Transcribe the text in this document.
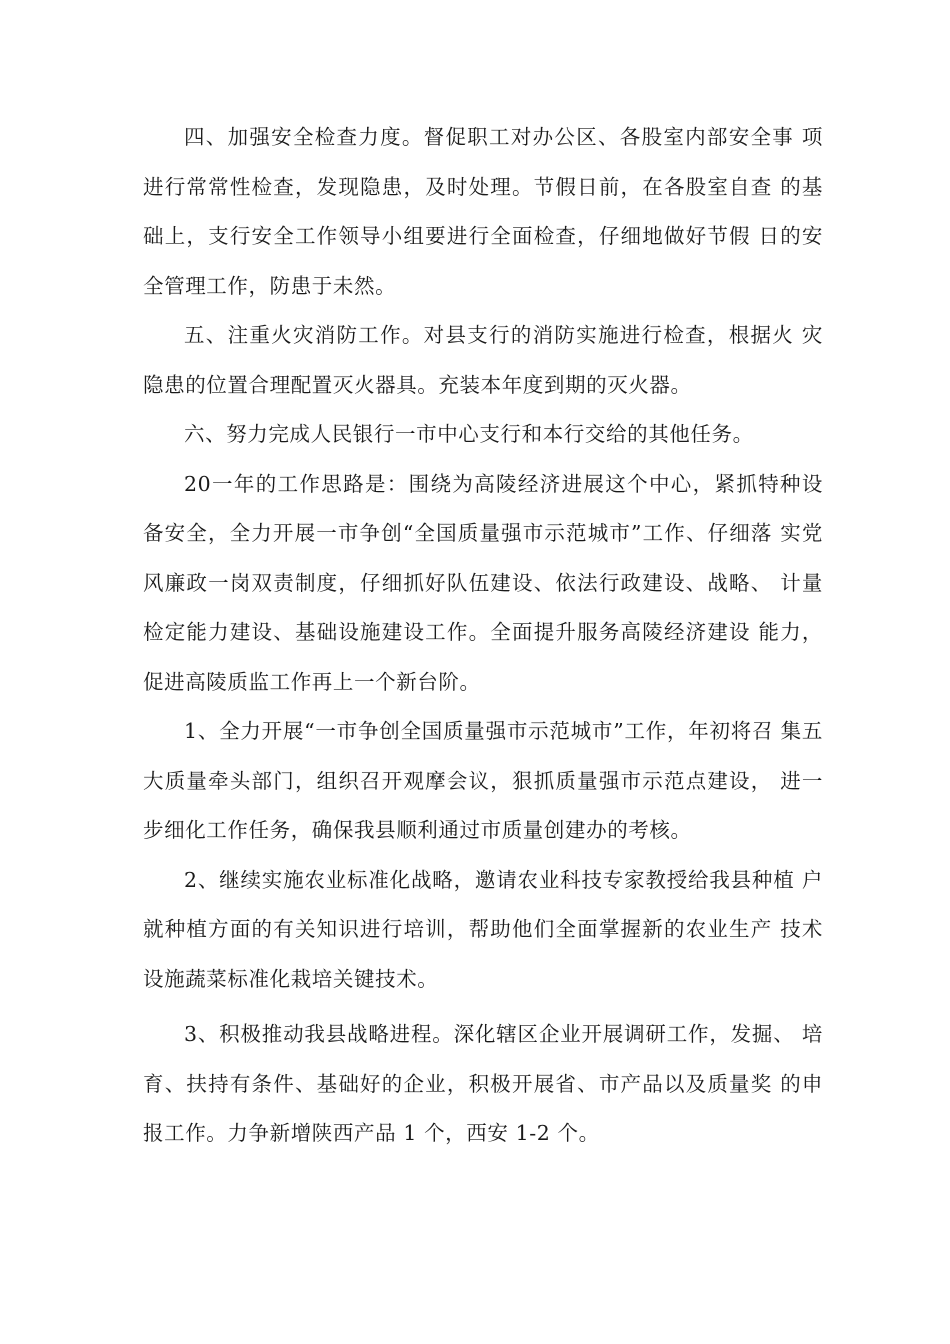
四、加强安全检查力度。督促职工对办公区、各股室内部安全事 项进行常常性检查，发现隐患，及时处理。节假日前，在各股室自查 的基础上，支行安全工作领导小组要进行全面检查，仔细地做好节假 日的安全管理工作，防患于未然。

五、注重火灾消防工作。对县支行的消防实施进行检查，根据火 灾隐患的位置合理配置灭火器具。充装本年度到期的灭火器。

六、努力完成人民银行一市中心支行和本行交给的其他任务。

20一年的工作思路是：围绕为高陵经济进展这个中心，紧抓特种设备安全，全力开展一市争创“全国质量强市示范城市”工作、仔细落 实党风廉政一岗双责制度，仔细抓好队伍建设、依法行政建设、战略、 计量检定能力建设、基础设施建设工作。全面提升服务高陵经济建设 能力，促进高陵质监工作再上一个新台阶。

1、全力开展“一市争创全国质量强市示范城市”工作，年初将召 集五大质量牵头部门，组织召开观摩会议，狠抓质量强市示范点建设， 进一步细化工作任务，确保我县顺利通过市质量创建办的考核。

2、继续实施农业标准化战略，邀请农业科技专家教授给我县种植 户就种植方面的有关知识进行培训，帮助他们全面掌握新的农业生产 技术设施蔬菜标准化栽培关键技术。

3、积极推动我县战略进程。深化辖区企业开展调研工作，发掘、 培育、扶持有条件、基础好的企业，积极开展省、市产品以及质量奖 的申报工作。力争新增陕西产品 1 个，西安 1-2 个。
